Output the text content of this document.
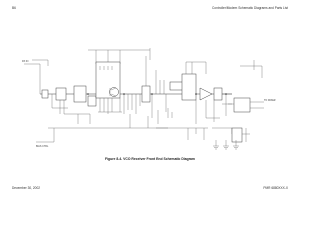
B6	Controller/Modem Schematic Diagrams and Parts List
RX IN
TO MIXER
BIAS CTRL
Figure 8-4. VCO Receiver Front End Schematic Diagram
December 30, 2002	PMR 6880XXX-X
